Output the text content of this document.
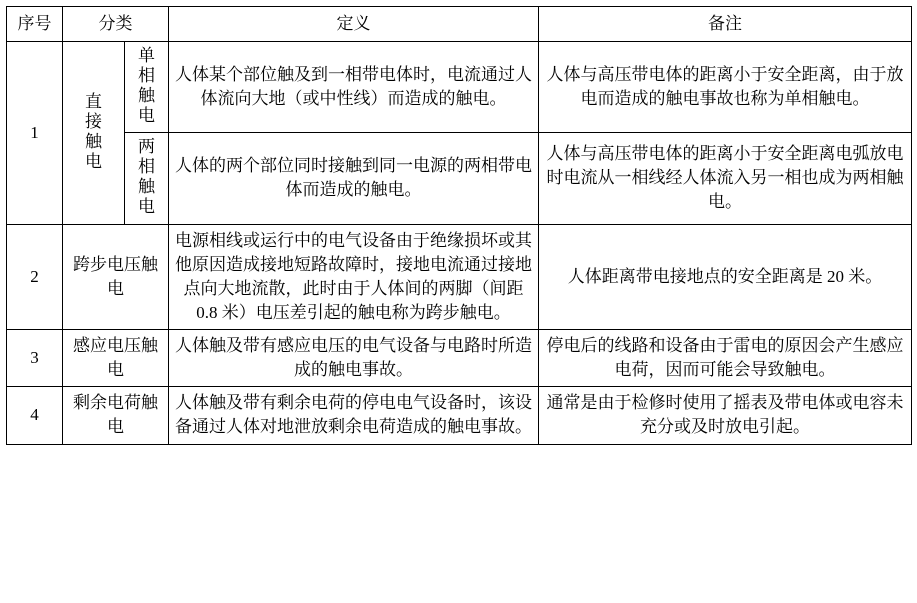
序号	分类		定义	备注
1	直接触电	单相触电	人体某个部位触及到一相带电体时，电流通过人体流向大地（或中性线）而造成的触电。	人体与高压带电体的距离小于安全距离，由于放电而造成的触电事故也称为单相触电。

		两相触电	人体的两个部位同时接触到同一电源的两相带电体而造成的触电。	人体与高压带电体的距离小于安全距离电弧放电时电流从一相线经人体流入另一相也成为两相触电。

2	跨步电压触电		电源相线或运行中的电气设备由于绝缘损坏或其他原因造成接地短路故障时，接地电流通过接地点向大地流散，此时由于人体间的两脚（间距 0.8 米）电压差引起的触电称为跨步触电。	人体距离带电接地点的安全距离是 20 米。

3	感应电压触电		人体触及带有感应电压的电气设备与电路时所造成的触电事故。	停电后的线路和设备由于雷电的原因会产生感应电荷，因而可能会导致触电。

4	剩余电荷触电		人体触及带有剩余电荷的停电电气设备时，该设备通过人体对地泄放剩余电荷造成的触电事故。	通常是由于检修时使用了摇表及带电体或电容未充分或及时放电引起。
